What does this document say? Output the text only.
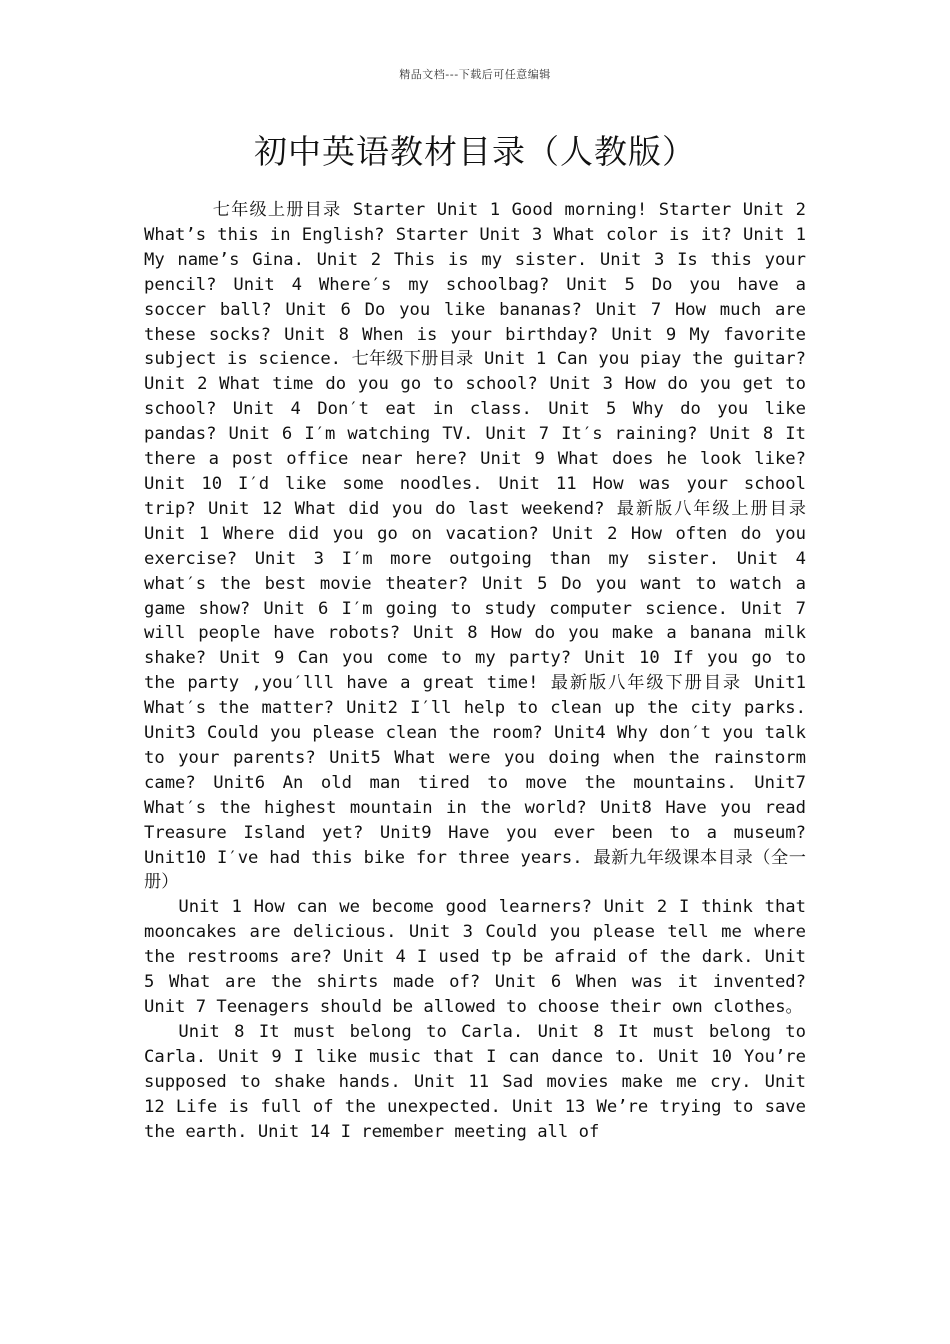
精品文档---下载后可任意编辑
初中英语教材目录（人教版）

七年级上册目录 Starter Unit 1 Good morning! Starter Unit 2 What’s this in English? Starter Unit 3 What color is it? Unit 1 My name’s Gina. Unit 2 This is my sister. Unit 3 Is this your pencil? Unit 4 Where′s my schoolbag? Unit 5 Do you have a soccer ball? Unit 6 Do you like bananas? Unit 7 How much are these socks? Unit 8 When is your birthday? Unit 9 My favorite subject is science. 七年级下册目录 Unit 1 Can you piay the guitar? Unit 2 What time do you go to school? Unit 3 How do you get to school? Unit 4 Don′t eat in class. Unit 5 Why do you like pandas? Unit 6 I′m watching TV. Unit 7 It′s raining? Unit 8 It there a post office near here? Unit 9 What does he look like? Unit 10 I′d like some noodles. Unit 11 How was your school trip? Unit 12 What did you do last weekend? 最新版八年级上册目录 Unit 1 Where did you go on vacation? Unit 2 How often do you exercise? Unit 3 I′m more outgoing than my sister. Unit 4 what′s the best movie theater? Unit 5 Do you want to watch a game show? Unit 6 I′m going to study computer science. Unit 7 will people have robots? Unit 8 How do you make a banana milk shake? Unit 9 Can you come to my party? Unit 10 If you go to the party ,you′lll have a great time! 最新版八年级下册目录 Unit1 What′s the matter? Unit2 I′ll help to clean up the city parks. Unit3 Could you please clean the room? Unit4 Why don′t you talk to your parents? Unit5 What were you doing when the rainstorm came? Unit6 An old man tired to move the mountains. Unit7 What′s the highest mountain in the world? Unit8 Have you read Treasure Island yet? Unit9 Have you ever been to a museum? Unit10 I′ve had this bike for three years. 最新九年级课本目录（全一册）

Unit 1 How can we become good learners? Unit 2 I think that mooncakes are delicious. Unit 3 Could you please tell me where the restrooms are? Unit 4 I used tp be afraid of the dark. Unit 5 What are the shirts made of? Unit 6 When was it invented? Unit 7 Teenagers should be allowed to choose their own clothes。

Unit 8 It must belong to Carla. Unit 8 It must belong to Carla. Unit 9 I like music that I can dance to. Unit 10 You’re supposed to shake hands. Unit 11 Sad movies make me cry. Unit 12 Life is full of the unexpected. Unit 13 We’re trying to save the earth. Unit 14 I remember meeting all of
